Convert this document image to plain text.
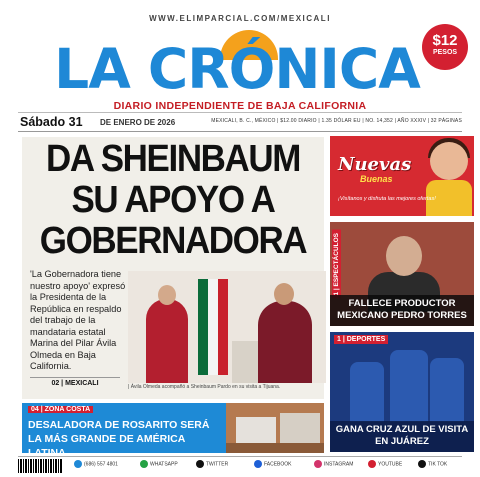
WWW.ELIMPARCIAL.COM/MEXICALI
LA CRÓNICA $12
PESOS
DIARIO INDEPENDIENTE DE BAJA CALIFORNIA
Sábado 31 DE ENERO DE 2026	MEXICALI, B. C., MÉXICO | $12.00 DIARIO | 1.35 DÓLAR EU | NO. 14,352 | AÑO XXXIV | 32 PÁGINAS
DA SHEINBAUM
SU APOYO A
GOBERNADORA
'La Gobernadora tiene nuestro apoyo' expresó la Presidenta de la República en respaldo del trabajo de la mandataria estatal Marina del Pilar Ávila Olmeda en Baja California.
02 | MEXICALI	| Ávila Olmeda acompañó a Sheinbaum Pardo en su visita a Tijuana.
04 | ZONA COSTA
DESALADORA DE ROSARITO SERÁ LA MÁS GRANDE DE AMÉRICA LATINA
Nuevas
Buenas
¡Visítanos y disfruta las mejores ofertas!
1 | ESPECTÁCULOS
FALLECE PRODUCTOR MEXICANO PEDRO TORRES
1 | DEPORTES
GANA CRUZ AZUL DE VISITA EN JUÁREZ
(686) 557 4801	WHATSAPP	TWITTER	FACEBOOK	INSTAGRAM	YOUTUBE	TIK TOK
